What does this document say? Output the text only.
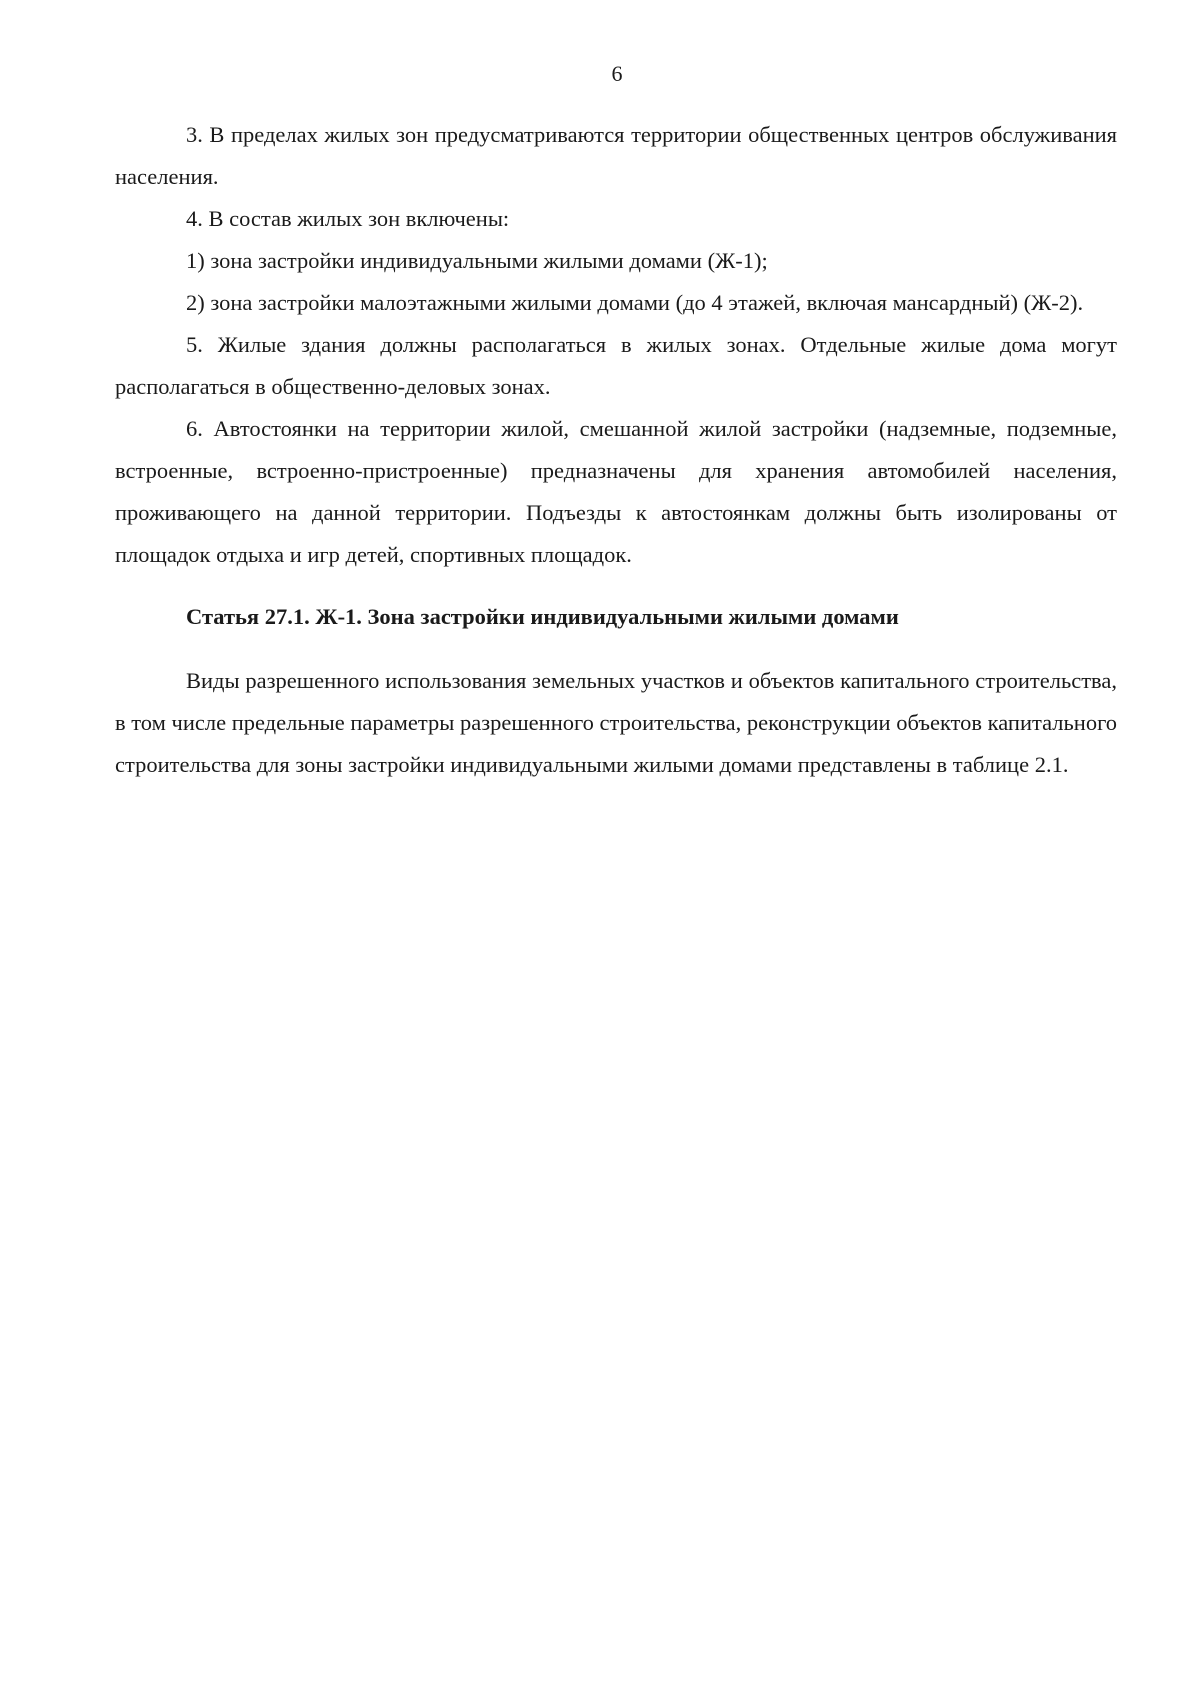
6

3. В пределах жилых зон предусматриваются территории общественных центров обслуживания населения.

4. В состав жилых зон включены:

1) зона застройки индивидуальными жилыми домами (Ж-1);

2) зона застройки малоэтажными жилыми домами (до 4 этажей, включая мансардный) (Ж-2).

5. Жилые здания должны располагаться в жилых зонах. Отдельные жилые дома могут располагаться в общественно-деловых зонах.

6. Автостоянки на территории жилой, смешанной жилой застройки (надземные, подземные, встроенные, встроенно-пристроенные) предназначены для хранения автомобилей населения, проживающего на данной территории. Подъезды к автостоянкам должны быть изолированы от площадок отдыха и игр детей, спортивных площадок.

Статья 27.1. Ж-1. Зона застройки индивидуальными жилыми домами

Виды разрешенного использования земельных участков и объектов капитального строительства, в том числе предельные параметры разрешенного строительства, реконструкции объектов капитального строительства для зоны застройки индивидуальными жилыми домами представлены в таблице 2.1.
